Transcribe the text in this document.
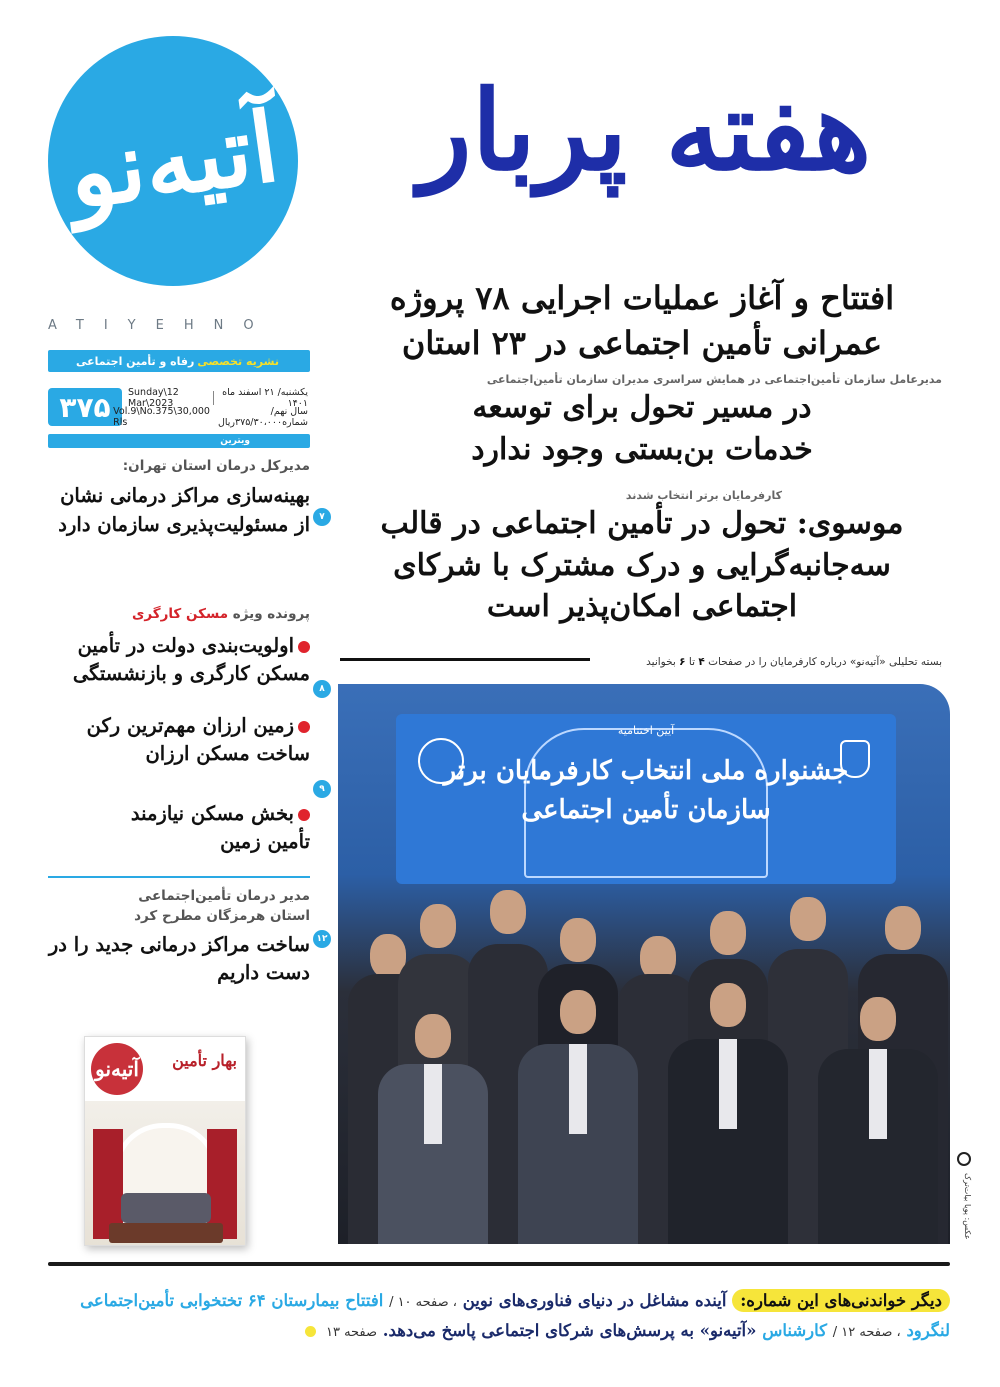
آتیه‌نو
ATIYEHNO
نشریه تخصصی
رفاه و تأمین اجتماعی
۳۷۵	یکشنبه/ ۲۱ اسفند ماه ۱۴۰۱
Sunday\12 Mar\2023
سال نهم/شماره۳۷۵/۳۰،۰۰۰ریال
Vol.9\No.375\30,000 Rls
ویترین
هفته پربار
مدیرکل درمان استان تهران:
بهینه‌سازی مراکز درمانی نشان از مسئولیت‌پذیری سازمان دارد	۷
پرونده ویژه مسکن کارگری
اولویت‌بندی دولت در تأمین مسکن کارگری و بازنشستگی
۸
زمین ارزان مهم‌ترین رکن ساخت مسکن ارزان
۹
بخش مسکن نیازمند تأمین زمین
مدیر درمان تأمین‌اجتماعی استان هرمزگان مطرح کرد
ساخت مراکز درمانی جدید را در دست داریم
۱۲
آتیه‌نو بهار تأمین
افتتاح و آغاز عملیات اجرایی ۷۸ پروژه عمرانی تأمین اجتماعی در ۲۳ استان
مدیرعامل سازمان تأمین‌اجتماعی در همایش سراسری مدیران سازمان تأمین‌اجتماعی
در مسیر تحول برای توسعه خدمات بن‌بستی وجود ندارد
کارفرمایان برتر انتخاب شدند
موسوی: تحول در تأمین اجتماعی در قالب سه‌جانبه‌گرایی و درک مشترک با شرکای اجتماعی امکان‌پذیر است
بسته تحلیلی «آتیه‌نو» درباره کارفرمایان را در صفحات ۴ تا ۶ بخوانید
آیین اختتامیه
جشنواره ملی انتخاب کارفرمایان برتر
سازمان تأمین اجتماعی
عکس: پویا بیات‌ترک
دیگر خواندنی‌های این شماره: آینده مشاغل در دنیای فناوری‌های نوین ، صفحه ۱۰ / افتتاح بیمارستان ۶۴ تختخوابی تأمین‌اجتماعی
لنگرود ، صفحه ۱۲ / کارشناس «آتیه‌نو» به پرسش‌های شرکای اجتماعی پاسخ می‌دهد. صفحه ۱۳
